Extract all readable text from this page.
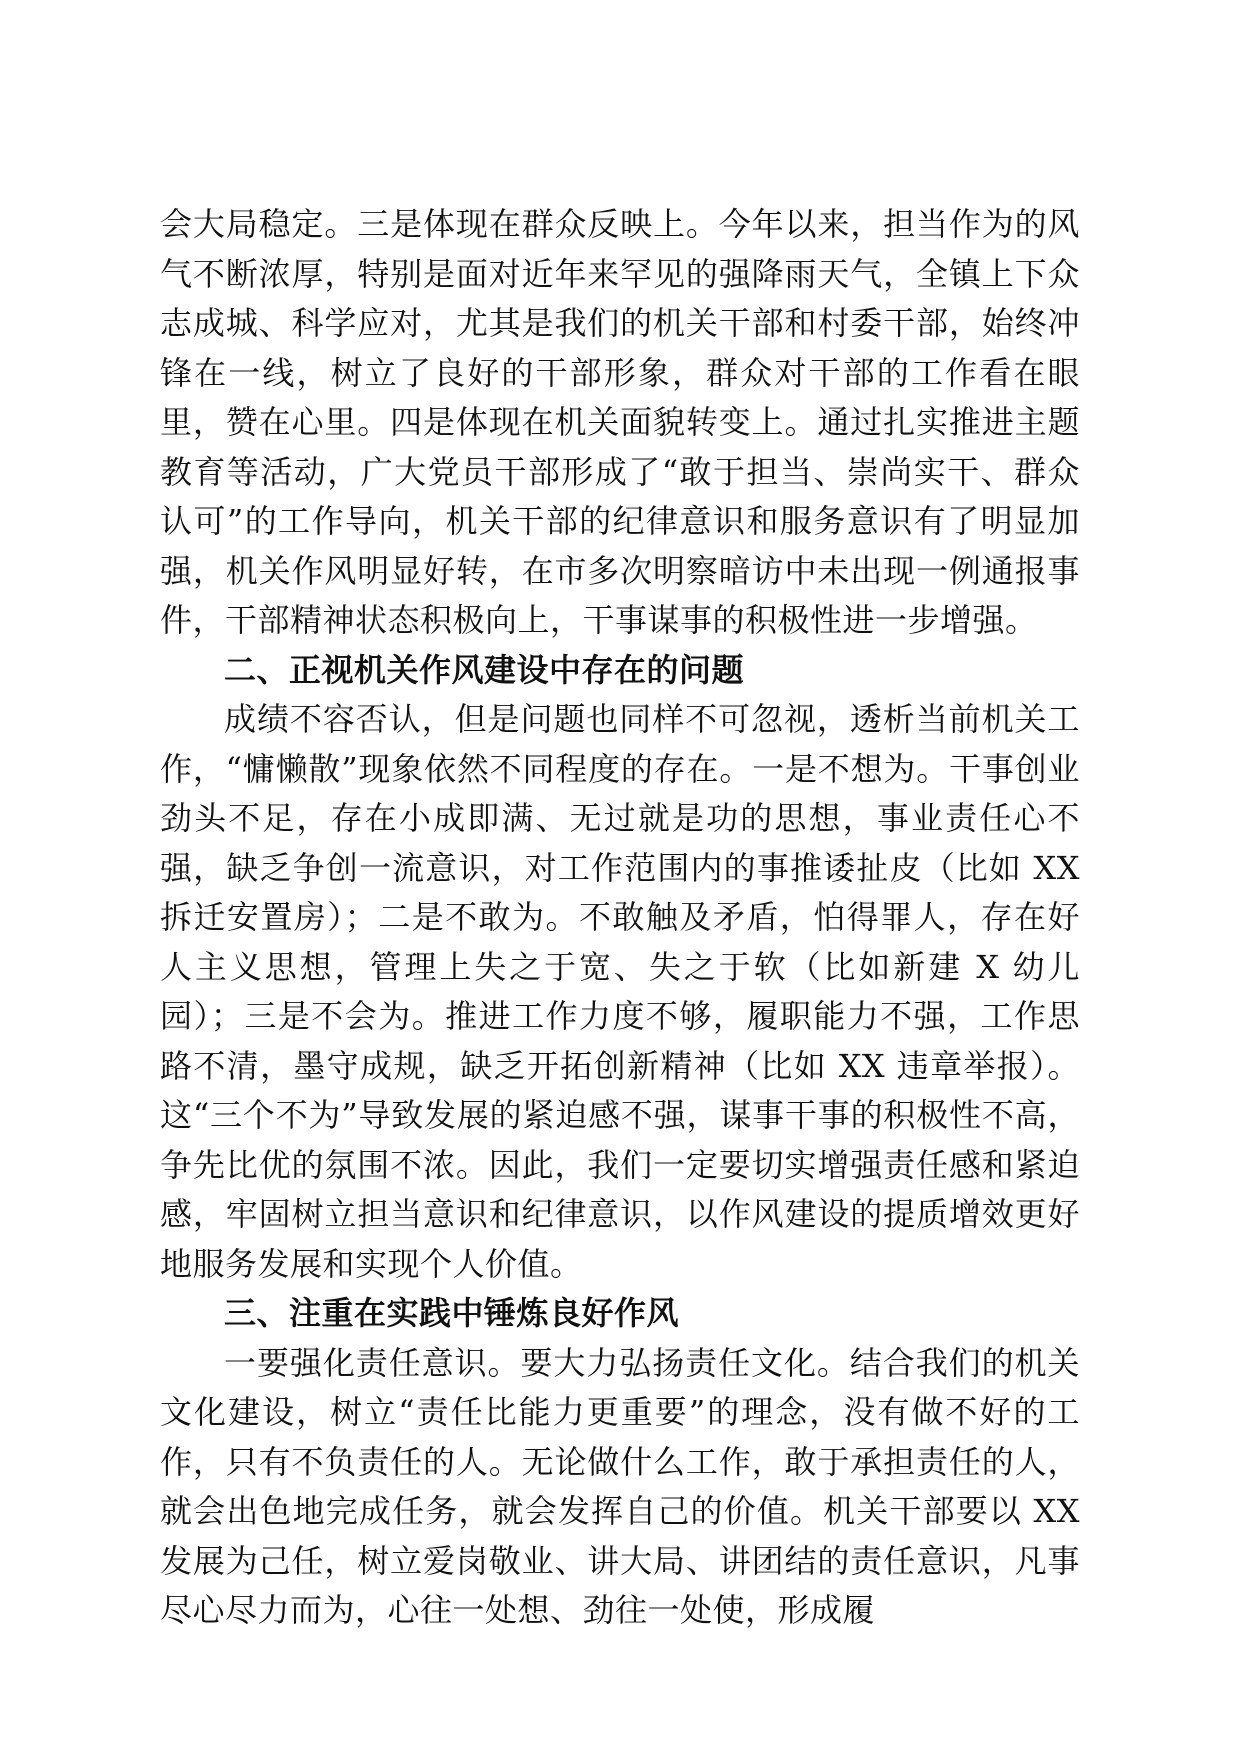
会大局稳定。三是体现在群众反映上。今年以来，担当作为的风气不断浓厚，特别是面对近年来罕见的强降雨天气，全镇上下众志成城、科学应对，尤其是我们的机关干部和村委干部，始终冲锋在一线，树立了良好的干部形象，群众对干部的工作看在眼里，赞在心里。四是体现在机关面貌转变上。通过扎实推进主题教育等活动，广大党员干部形成了“敢于担当、崇尚实干、群众认可”的工作导向，机关干部的纪律意识和服务意识有了明显加强，机关作风明显好转，在市多次明察暗访中未出现一例通报事件，干部精神状态积极向上，干事谋事的积极性进一步增强。

二、正视机关作风建设中存在的问题

成绩不容否认，但是问题也同样不可忽视，透析当前机关工作，“慵懒散”现象依然不同程度的存在。一是不想为。干事创业劲头不足，存在小成即满、无过就是功的思想，事业责任心不强，缺乏争创一流意识，对工作范围内的事推诿扯皮（比如 XX 拆迁安置房）；二是不敢为。不敢触及矛盾，怕得罪人，存在好人主义思想，管理上失之于宽、失之于软（比如新建 X 幼儿园）；三是不会为。推进工作力度不够，履职能力不强，工作思路不清，墨守成规，缺乏开拓创新精神（比如 XX 违章举报）。这“三个不为”导致发展的紧迫感不强，谋事干事的积极性不高，争先比优的氛围不浓。因此，我们一定要切实增强责任感和紧迫感，牢固树立担当意识和纪律意识，以作风建设的提质增效更好地服务发展和实现个人价值。

三、注重在实践中锤炼良好作风

一要强化责任意识。要大力弘扬责任文化。结合我们的机关文化建设，树立“责任比能力更重要”的理念，没有做不好的工作，只有不负责任的人。无论做什么工作，敢于承担责任的人，就会出色地完成任务，就会发挥自己的价值。机关干部要以 XX 发展为己任，树立爱岗敬业、讲大局、讲团结的责任意识，凡事尽心尽力而为，心往一处想、劲往一处使，形成履
